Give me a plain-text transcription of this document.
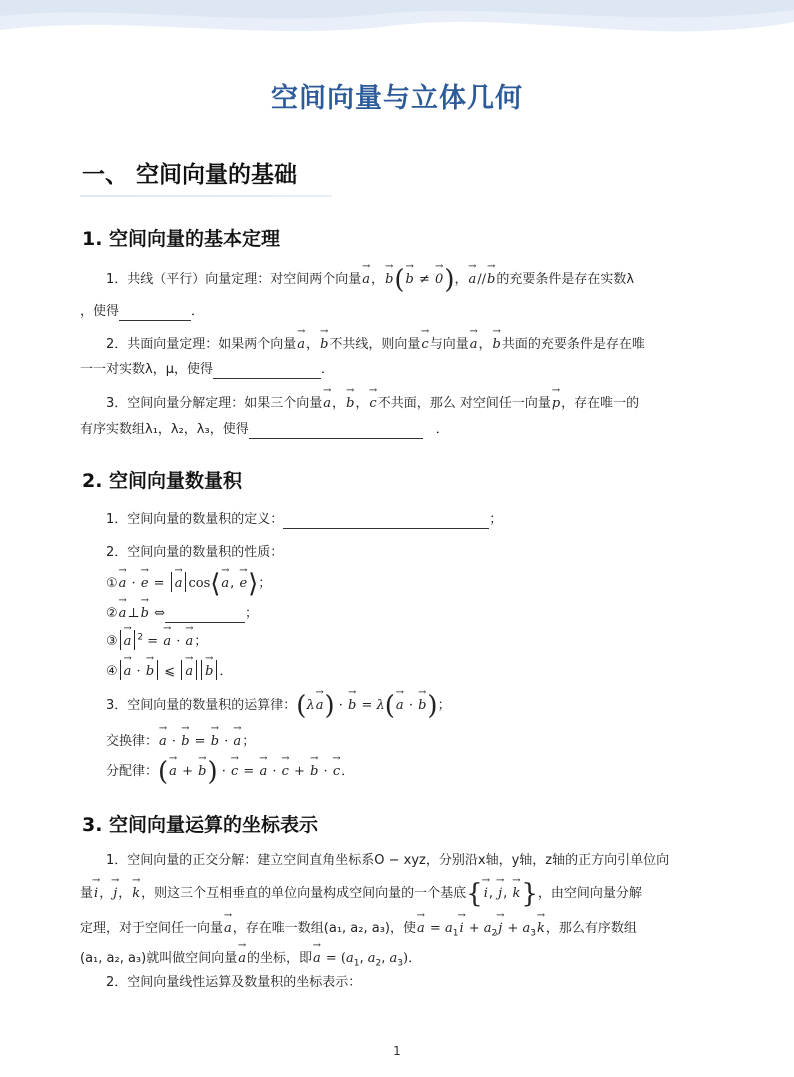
空间向量与立体几何
一、 空间向量的基础
1. 空间向量的基本定理
1．共线（平行）向量定理：对空间两个向量→ a，→ b(→ b ≠ → 0)，→ a//→ b的充要条件是存在实数λ
，使得	．
2．共面向量定理：如果两个向量→ a，→ b不共线，则向量→ c与向量→ a，→ b共面的充要条件是存在唯
一一对实数λ，μ，使得	．
3．空间向量分解定理：如果三个向量→ a，→ b，→ c不共面，那么 对空间任一向量→ p，存在唯一的
有序实数组λ₁，λ₂，λ₃，使得	　．
2. 空间向量数量积
1．空间向量的数量积的定义：	；
2．空间向量的数量积的性质：
①→ a · → e = → a cos⟨→ a, → e⟩；
②→ a⊥→ b ⇔	；
③ → a $^2$ = → a · → a；
④ → a · → b ⩽ → a → b ．
3．空间向量的数量积的运算律：(λ→ a) · → b = λ(→ a · → b)；
交换律：→ a · → b = → b · → a；
分配律：(→ a + → b) · → c = → a · → c + → b · → c．
3. 空间向量运算的坐标表示
1．空间向量的正交分解：建立空间直角坐标系O − xyz，分别沿x轴，y轴，z轴的正方向引单位向
量→ i，→ j，→ k，则这三个互相垂直的单位向量构成空间向量的一个基底{→ i, → j, → k}，由空间向量分解
定理，对于空间任一向量→ a，存在唯一数组(a₁, a₂, a₃)，使→ $a = a_1\to i + a_2\to j + a_3\to k$，那么有序数组
(a₁, a₂, a₃)就叫做空间向量→ a的坐标，即→ $a = (a_1$, $a_2$, $a_3$)．
2．空间向量线性运算及数量积的坐标表示：
1
